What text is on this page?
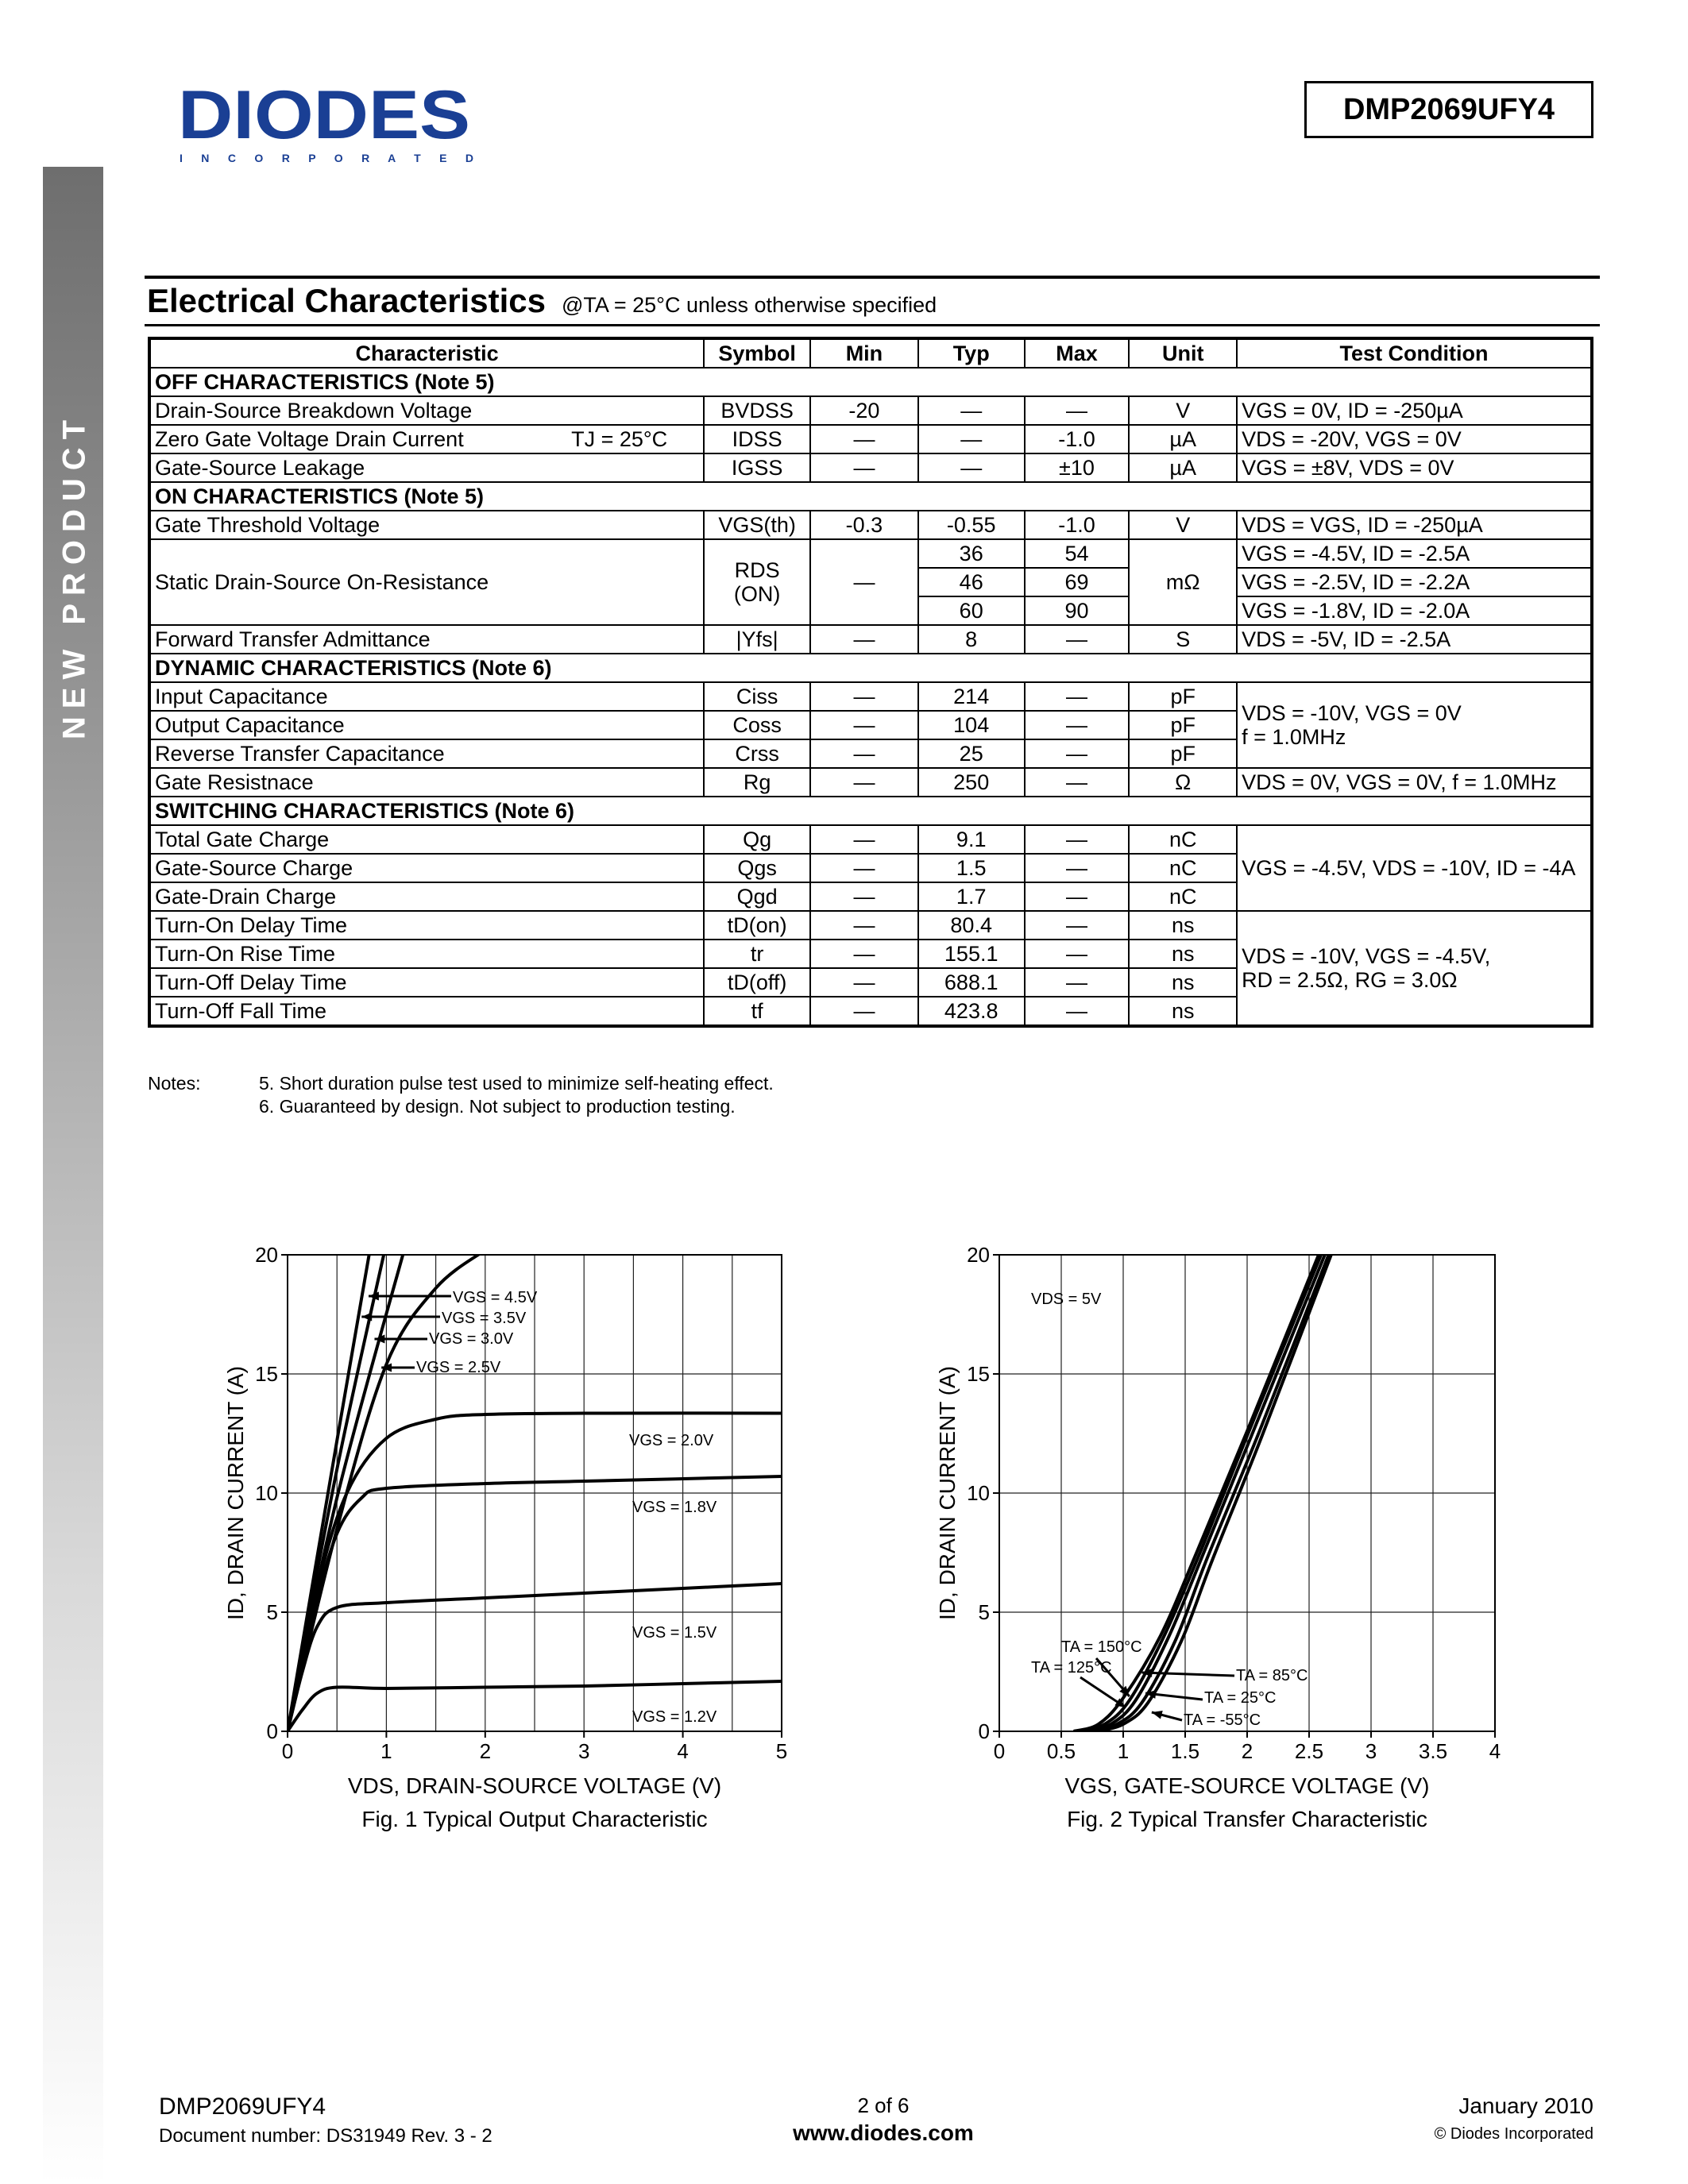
NEW PRODUCT
DIODES
I N C O R P O R A T E D
DMP2069UFY4
Electrical Characteristics @TA = 25°C unless otherwise specified
Characteristic	Symbol	Min	Typ	Max	Unit	Test Condition
OFF CHARACTERISTICS (Note 5)						
Drain-Source Breakdown Voltage	BVDSS	-20	—	—	V	VGS = 0V, ID = -250µA
Zero Gate Voltage Drain Current TJ = 25°C	IDSS	—	—	-1.0	µA	VDS = -20V, VGS = 0V
Gate-Source Leakage	IGSS	—	—	±10	µA	VGS = ±8V, VDS = 0V
ON CHARACTERISTICS (Note 5)						
Gate Threshold Voltage	VGS(th)	-0.3	-0.55	-1.0	V	VDS = VGS, ID = -250µA
Static Drain-Source On-Resistance	RDS (ON)	—	36	54	mΩ	VGS = -4.5V, ID = -2.5A
			46	69		VGS = -2.5V, ID = -2.2A
			60	90		VGS = -1.8V, ID = -2.0A
Forward Transfer Admittance	|Yfs|	—	8	—	S	VDS = -5V, ID = -2.5A
DYNAMIC CHARACTERISTICS (Note 6)						
Input Capacitance	Ciss	—	214	—	pF	VDS = -10V, VGS = 0V
f = 1.0MHz

Output Capacitance	Coss	—	104	—	pF	
Reverse Transfer Capacitance	Crss	—	25	—	pF	
Gate Resistnace	Rg	—	250	—	Ω	VDS = 0V, VGS = 0V, f = 1.0MHz
SWITCHING CHARACTERISTICS (Note 6)						
Total Gate Charge	Qg	—	9.1	—	nC	VGS = -4.5V, VDS = -10V, ID = -4A
Gate-Source Charge	Qgs	—	1.5	—	nC	
Gate-Drain Charge	Qgd	—	1.7	—	nC	
Turn-On Delay Time	tD(on)	—	80.4	—	ns	VDS = -10V, VGS = -4.5V,
RD = 2.5Ω, RG = 3.0Ω

Turn-On Rise Time	tr	—	155.1	—	ns	
Turn-Off Delay Time	tD(off)	—	688.1	—	ns	
Turn-Off Fall Time	tf	—	423.8	—	ns	
Notes:	5. Short duration pulse test used to minimize self-heating effect.
6. Guaranteed by design. Not subject to production testing.
0	1	2	3	4	5
0
5
10
15
20
VDS, DRAIN-SOURCE VOLTAGE (V)
ID, DRAIN CURRENT (A)
Fig. 1 Typical Output Characteristic
VGS = 4.5V
VGS = 3.5V
VGS = 3.0V
VGS = 2.5V
VGS = 2.0V
VGS = 1.8V
VGS = 1.5V
VGS = 1.2V
0 0.5 1 1.5 2 2.5 3 3.5 4
0
5
10
15
20
VGS, GATE-SOURCE VOLTAGE (V)
ID, DRAIN CURRENT (A)
Fig. 2 Typical Transfer Characteristic
VDS = 5V
TA = 150°C
TA = 125°C	TA = 85°C
TA = 25°C
TA = -55°C
DMP2069UFY4
Document number: DS31949 Rev. 3 - 2
2 of 6
www.diodes.com
January 2010
© Diodes Incorporated
